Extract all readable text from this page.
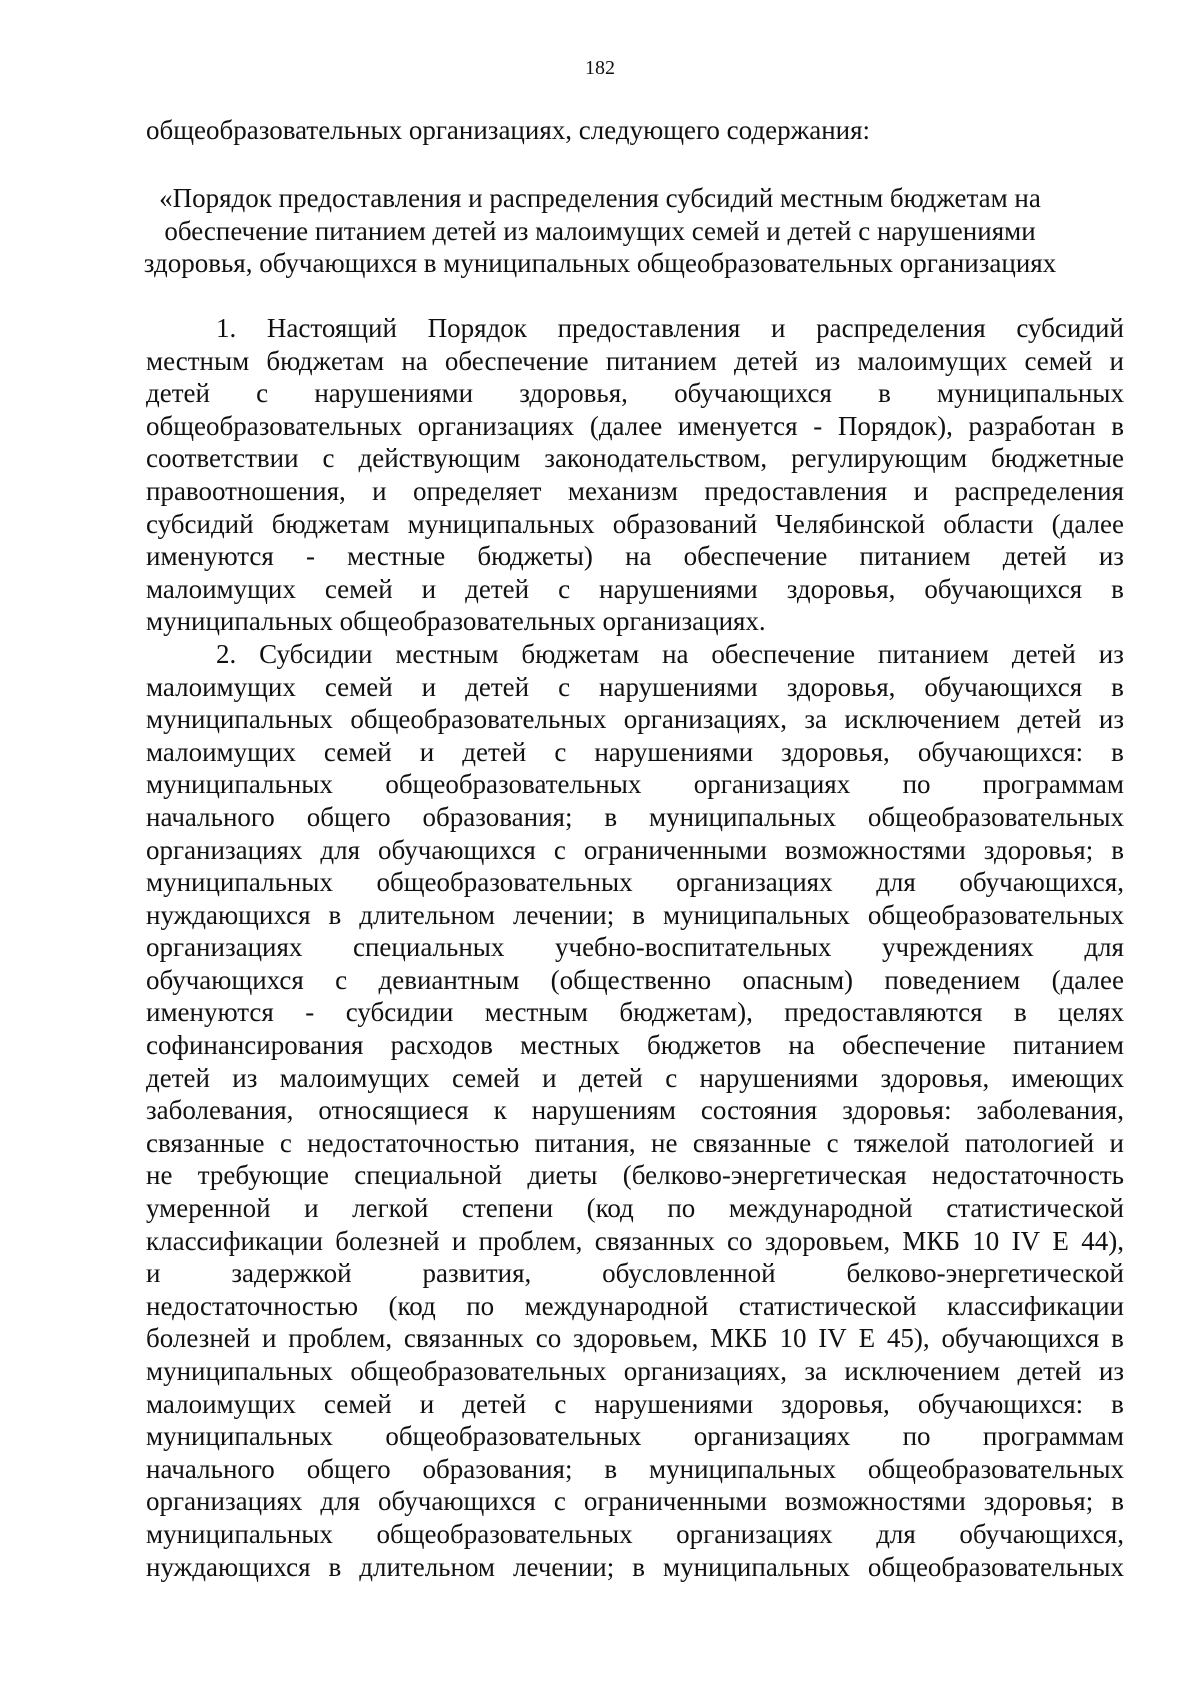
182
общеобразовательных организациях, следующего содержания:
«Порядок предоставления и распределения субсидий местным бюджетам на
обеспечение питанием детей из малоимущих семей и детей с нарушениями
здоровья, обучающихся в муниципальных общеобразовательных организациях
1. Настоящий Порядок предоставления и распределения субсидий
местным бюджетам на обеспечение питанием детей из малоимущих семей и
детей с нарушениями здоровья, обучающихся в муниципальных
общеобразовательных организациях (далее именуется - Порядок), разработан в
соответствии с действующим законодательством, регулирующим бюджетные
правоотношения, и определяет механизм предоставления и распределения
субсидий бюджетам муниципальных образований Челябинской области (далее
именуются - местные бюджеты) на обеспечение питанием детей из
малоимущих семей и детей с нарушениями здоровья, обучающихся в
муниципальных общеобразовательных организациях.
2. Субсидии местным бюджетам на обеспечение питанием детей из
малоимущих семей и детей с нарушениями здоровья, обучающихся в
муниципальных общеобразовательных организациях, за исключением детей из
малоимущих семей и детей с нарушениями здоровья, обучающихся: в
муниципальных общеобразовательных организациях по программам
начального общего образования; в муниципальных общеобразовательных
организациях для обучающихся с ограниченными возможностями здоровья; в
муниципальных общеобразовательных организациях для обучающихся,
нуждающихся в длительном лечении; в муниципальных общеобразовательных
организациях специальных учебно-воспитательных учреждениях для
обучающихся с девиантным (общественно опасным) поведением (далее
именуются - субсидии местным бюджетам), предоставляются в целях
софинансирования расходов местных бюджетов на обеспечение питанием
детей из малоимущих семей и детей с нарушениями здоровья, имеющих
заболевания, относящиеся к нарушениям состояния здоровья: заболевания,
связанные с недостаточностью питания, не связанные с тяжелой патологией и
не требующие специальной диеты (белково-энергетическая недостаточность
умеренной и легкой степени (код по международной статистической
классификации болезней и проблем, связанных со здоровьем, МКБ 10 IV E 44),
и	задержкой	развития,	обусловленной	белково-энергетической
недостаточностью (код по международной статистической классификации
болезней и проблем, связанных со здоровьем, МКБ 10 IV E 45), обучающихся в
муниципальных общеобразовательных организациях, за исключением детей из
малоимущих семей и детей с нарушениями здоровья, обучающихся: в
муниципальных общеобразовательных организациях по программам
начального общего образования; в муниципальных общеобразовательных
организациях для обучающихся с ограниченными возможностями здоровья; в
муниципальных общеобразовательных организациях для обучающихся,
нуждающихся в длительном лечении; в муниципальных общеобразовательных
